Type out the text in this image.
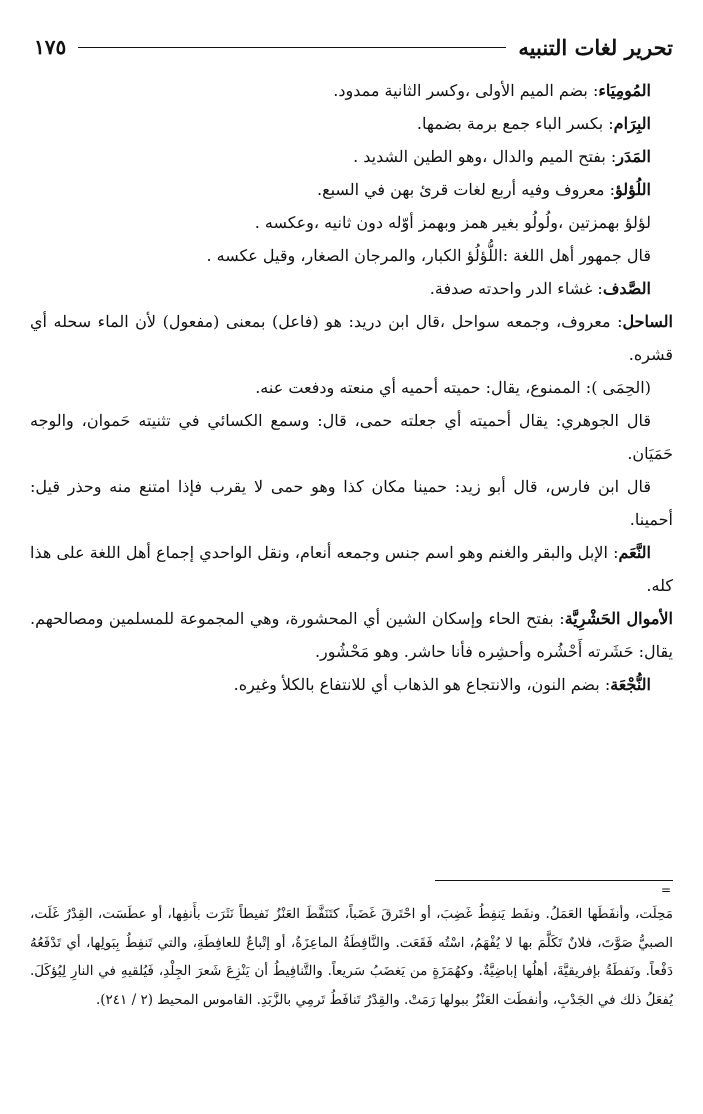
١٧٥	تحرير لغات التنبيه

المُومِيَاء: بضم الميم الأولى ،وكسر الثانية ممدود.

البِرَام: بكسر الباء جمع برمة بضمها.

المَدَر: بفتح الميم والدال ،وهو الطين الشديد .

اللُؤلؤ: معروف وفيه أربع لغات قرئ بهن في السبع.

لؤلؤ بهمزتين ،ولُولُو بغير همز وبهمز أوّله دون ثانيه ،وعكسه .

قال جمهور أهل اللغة :اللُّؤلُؤ الكبار، والمرجان الصغار، وقيل عكسه .

الصَّدف: غشاء الدر واحدته صدفة.

الساحل: معروف، وجمعه سواحل ،قال ابن دريد: هو (فاعل) بمعنى (مفعول) لأن الماء سحله أي قشره.

(الحِمَى ): الممنوع، يقال: حميته أحميه أي منعته ودفعت عنه.

قال الجوهري: يقال أحميته أي جعلته حمى، قال: وسمع الكسائي في تثنيته حَموان، والوجه حَمَيَان.

قال ابن فارس، قال أبو زيد: حمينا مكان كذا وهو حمى لا يقرب فإذا امتنع منه وحذر قيل: أحمينا.

النَّعَم: الإبل والبقر والغنم وهو اسم جنس وجمعه أنعام، ونقل الواحدي إجماع أهل اللغة على هذا كله.

الأموال الحَشْرِيَّة: بفتح الحاء وإسكان الشين أي المحشورة، وهي المجموعة للمسلمين ومصالحهم. يقال: حَشَرته أَحْشُره وأحشِره فأنا حاشر. وهو مَحْشُور.

النُّجْعَة: بضم النون، والانتجاع هو الذهاب أي للانتفاع بالكلأ وغيره.

=
مَحِلَت، وأنفَطَها العَمَلُ. ونفَط يَنفِطُ غَضِبَ، أو احْتَرقَ غَضَباً، كتَنَفَّطَ العَنْزُ نَفيطاً نَثَرَت بأَنفِها، أو عطَسَت، القِدْرُ غَلَت، الصبيُّ صَوَّتَ، فلانٌ تَكَلَّمَ بها لا يُفْهَمُ، اسْتُه فَقَعَت. والنَّافِطَةُ الماعِزَةُ، أو إتْباعٌ للعافِطَةِ، والتي تَنفِطُ بِبَولِها، أي تَدْفَعُهُ دَفْعاً. ونَفطَةُ بإفريقيَّةَ، أهلُها إباضِيَّةٌ. وكهُمَزَةٍ من يَغضَبُ سَريعاً. والتَّنافِيطُ أن يَنْزِعَ شَعرَ الجِلْدِ، فَيُلقيهِ في النارِ لِيُؤكَلَ. يُفعَلُ ذلك في الجَدْبِ، وأنفطَت العَنْزُ ببولها رَمَتْ. والقِدْرُ تَنافَطُ تَرمِي بالزَّبَدِ. القاموس المحيط (٢ / ٢٤١).
